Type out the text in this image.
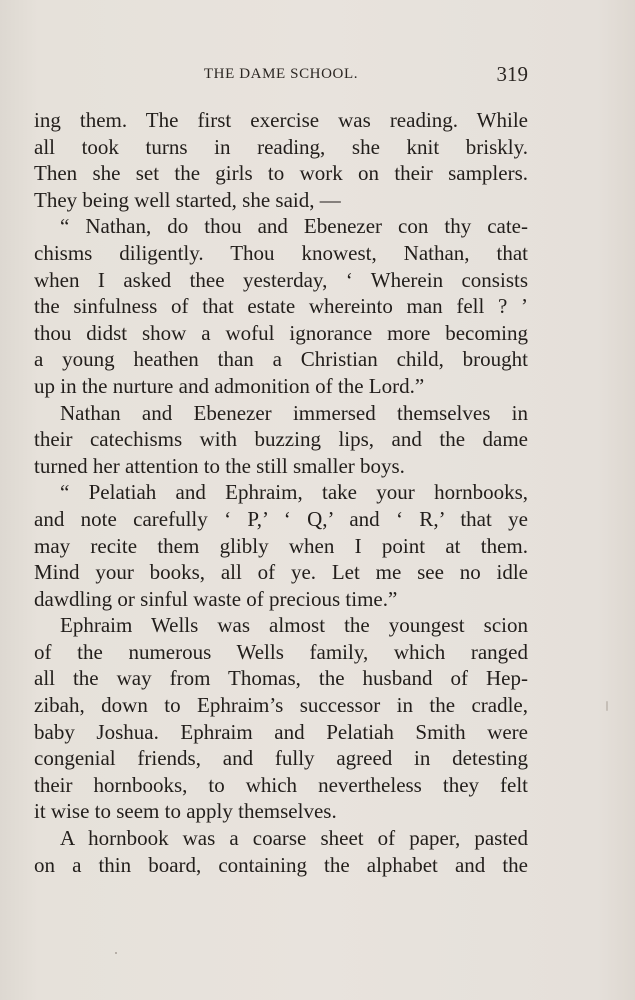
THE DAME SCHOOL.	319
ing them. The first exercise was reading. While
all took turns in reading, she knit briskly.
Then she set the girls to work on their samplers.
They being well started, she said, —
“ Nathan, do thou and Ebenezer con thy cate-
chisms diligently. Thou knowest, Nathan, that
when I asked thee yesterday, ‘ Wherein consists
the sinfulness of that estate whereinto man fell ? ’
thou didst show a woful ignorance more becoming
a young heathen than a Christian child, brought
up in the nurture and admonition of the Lord.”
Nathan and Ebenezer immersed themselves in
their catechisms with buzzing lips, and the dame
turned her attention to the still smaller boys.
“ Pelatiah and Ephraim, take your hornbooks,
and note carefully ‘ P,’ ‘ Q,’ and ‘ R,’ that ye
may recite them glibly when I point at them.
Mind your books, all of ye. Let me see no idle
dawdling or sinful waste of precious time.”
Ephraim Wells was almost the youngest scion
of the numerous Wells family, which ranged
all the way from Thomas, the husband of Hep-
zibah, down to Ephraim’s successor in the cradle,
baby Joshua. Ephraim and Pelatiah Smith were
congenial friends, and fully agreed in detesting
their hornbooks, to which nevertheless they felt
it wise to seem to apply themselves.
A hornbook was a coarse sheet of paper, pasted
on a thin board, containing the alphabet and the
